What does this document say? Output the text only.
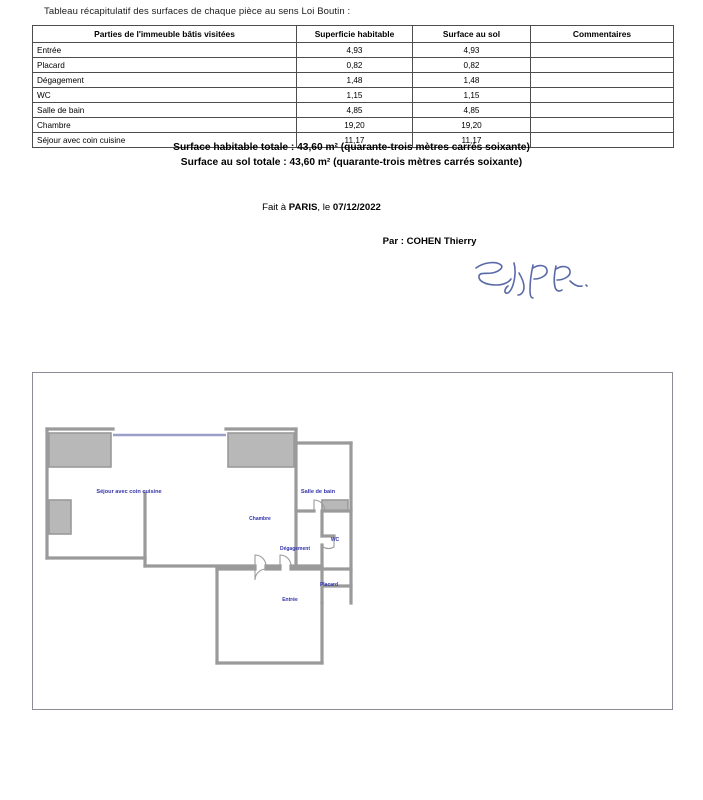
Tableau récapitulatif des surfaces de chaque pièce au sens Loi Boutin :
Parties de l'immeuble bâtis visitées	Superficie habitable	Surface au sol	Commentaires
Entrée	4,93	4,93	
Placard	0,82	0,82	
Dégagement	1,48	1,48	
WC	1,15	1,15	
Salle de bain	4,85	4,85	
Chambre	19,20	19,20	
Séjour avec coin cuisine	11,17	11,17	
Surface habitable totale : 43,60 m² (quarante-trois mètres carrés soixante)
Surface au sol totale : 43,60 m² (quarante-trois mètres carrés soixante)
Fait à PARIS, le 07/12/2022
Par : COHEN Thierry
Séjour avec coin cuisine
Chambre
Salle de bain
Dégagement
WC
Placard
Entrée
